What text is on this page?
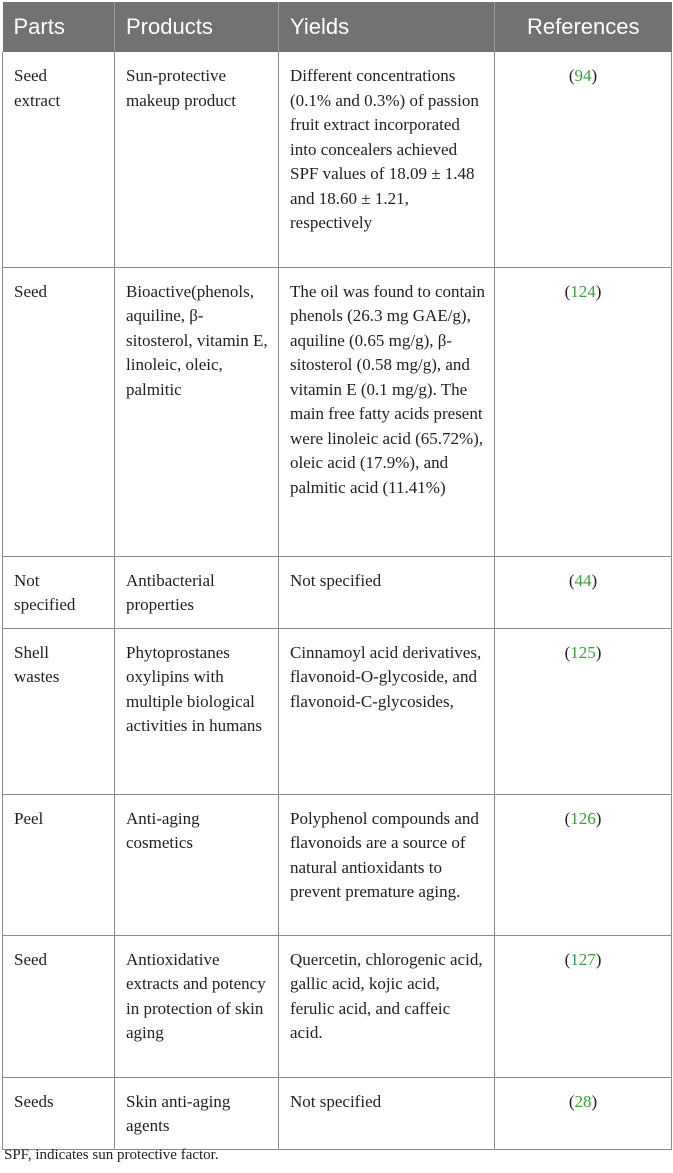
Parts	Products	Yields	References
Seed extract	Sun-protective makeup product	Different concentrations (0.1% and 0.3%) of passion fruit extract incorporated into concealers achieved SPF values of 18.09 ± 1.48 and 18.60 ± 1.21, respectively	(94)
Seed	Bioactive(phenols, aquiline, β-sitosterol, vitamin E, linoleic, oleic, palmitic	The oil was found to contain phenols (26.3 mg GAE/g), aquiline (0.65 mg/g), β-sitosterol (0.58 mg/g), and vitamin E (0.1 mg/g). The main free fatty acids present were linoleic acid (65.72%), oleic acid (17.9%), and palmitic acid (11.41%)	(124)
Not specified	Antibacterial properties	Not specified	(44)
Shell wastes	Phytoprostanes oxylipins with multiple biological activities in humans	Cinnamoyl acid derivatives, flavonoid-O-glycoside, and flavonoid-C-glycosides,	(125)
Peel	Anti-aging cosmetics	Polyphenol compounds and flavonoids are a source of natural antioxidants to prevent premature aging.	(126)
Seed	Antioxidative extracts and potency in protection of skin aging	Quercetin, chlorogenic acid, gallic acid, kojic acid, ferulic acid, and caffeic acid.	(127)
Seeds	Skin anti-aging agents	Not specified	(28)
SPF, indicates sun protective factor.
